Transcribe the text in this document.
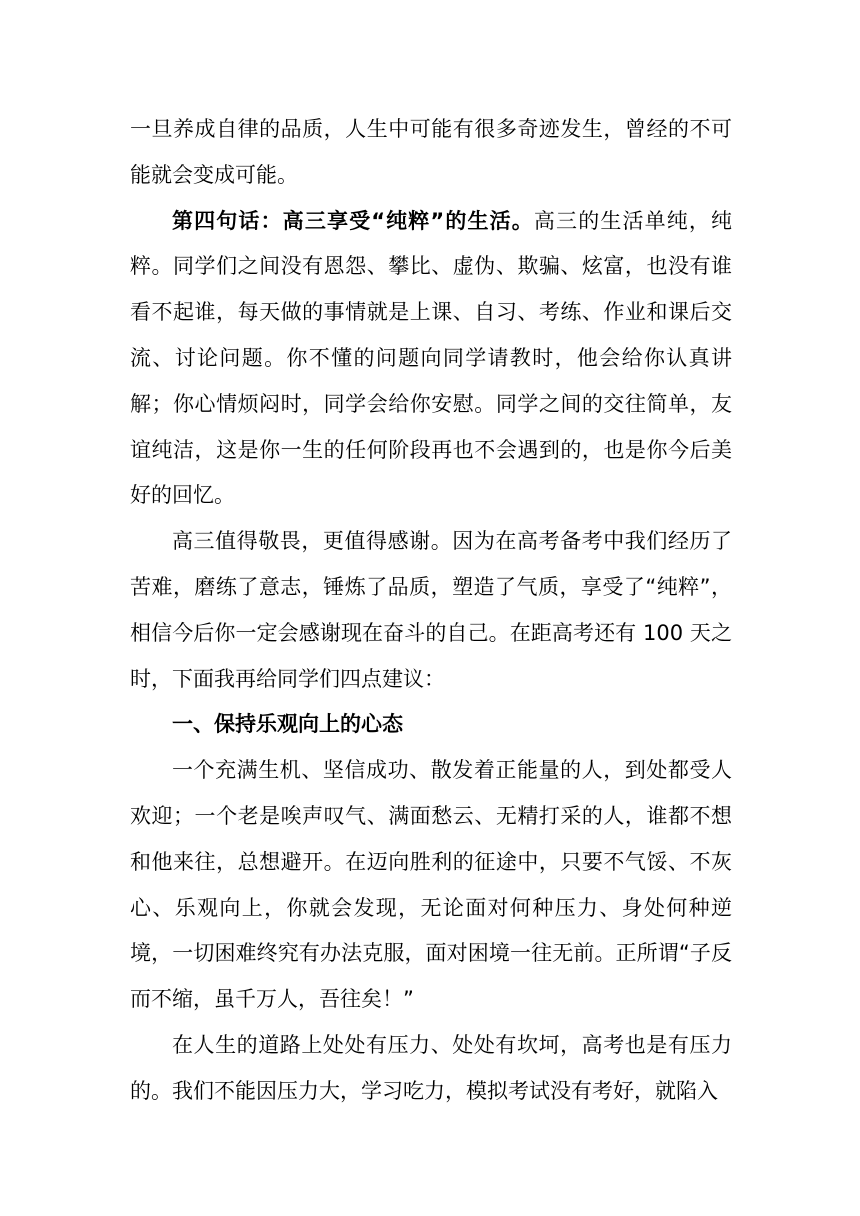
一旦养成自律的品质，人生中可能有很多奇迹发生，曾经的不可能就会变成可能。

第四句话：高三享受“纯粹”的生活。高三的生活单纯，纯粹。同学们之间没有恩怨、攀比、虚伪、欺骗、炫富，也没有谁看不起谁，每天做的事情就是上课、自习、考练、作业和课后交流、讨论问题。你不懂的问题向同学请教时，他会给你认真讲解；你心情烦闷时，同学会给你安慰。同学之间的交往简单，友谊纯洁，这是你一生的任何阶段再也不会遇到的，也是你今后美好的回忆。

高三值得敬畏，更值得感谢。因为在高考备考中我们经历了苦难，磨练了意志，锤炼了品质，塑造了气质，享受了“纯粹”，相信今后你一定会感谢现在奋斗的自己。在距高考还有 100 天之时，下面我再给同学们四点建议：

一、保持乐观向上的心态

一个充满生机、坚信成功、散发着正能量的人，到处都受人欢迎；一个老是唉声叹气、满面愁云、无精打采的人，谁都不想和他来往，总想避开。在迈向胜利的征途中，只要不气馁、不灰心、乐观向上，你就会发现，无论面对何种压力、身处何种逆境，一切困难终究有办法克服，面对困境一往无前。正所谓“子反而不缩，虽千万人，吾往矣！”

在人生的道路上处处有压力、处处有坎坷，高考也是有压力的。我们不能因压力大，学习吃力，模拟考试没有考好，就陷入
